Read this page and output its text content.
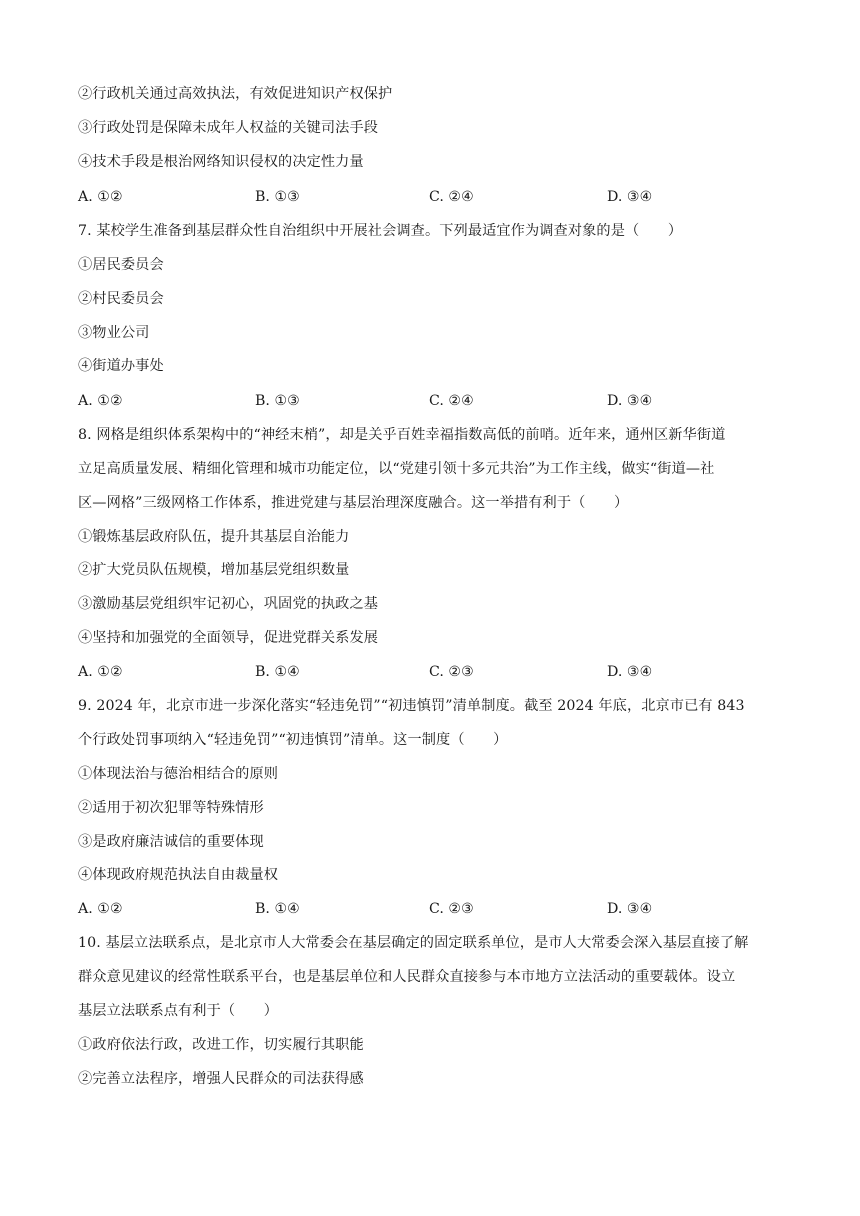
②行政机关通过高效执法，有效促进知识产权保护
③行政处罚是保障未成年人权益的关键司法手段
④技术手段是根治网络知识侵权的决定性力量
A. ①②	B. ①③	C. ②④	D. ③④
7. 某校学生准备到基层群众性自治组织中开展社会调查。下列最适宜作为调查对象的是（　　）
①居民委员会
②村民委员会
③物业公司
④街道办事处
A. ①②	B. ①③	C. ②④	D. ③④
8. 网格是组织体系架构中的“神经末梢”，却是关乎百姓幸福指数高低的前哨。近年来，通州区新华街道
立足高质量发展、精细化管理和城市功能定位，以“党建引领十多元共治”为工作主线，做实“街道—社
区—网格”三级网格工作体系，推进党建与基层治理深度融合。这一举措有利于（　　）
①锻炼基层政府队伍，提升其基层自治能力
②扩大党员队伍规模，增加基层党组织数量
③激励基层党组织牢记初心，巩固党的执政之基
④坚持和加强党的全面领导，促进党群关系发展
A. ①②	B. ①④	C. ②③	D. ③④
9. 2024 年，北京市进一步深化落实“轻违免罚”“初违慎罚”清单制度。截至 2024 年底，北京市已有 843
个行政处罚事项纳入“轻违免罚”“初违慎罚”清单。这一制度（　　）
①体现法治与德治相结合的原则
②适用于初次犯罪等特殊情形
③是政府廉洁诚信的重要体现
④体现政府规范执法自由裁量权
A. ①②	B. ①④	C. ②③	D. ③④
10. 基层立法联系点，是北京市人大常委会在基层确定的固定联系单位，是市人大常委会深入基层直接了解
群众意见建议的经常性联系平台，也是基层单位和人民群众直接参与本市地方立法活动的重要载体。设立
基层立法联系点有利于（　　）
①政府依法行政，改进工作，切实履行其职能
②完善立法程序，增强人民群众的司法获得感
